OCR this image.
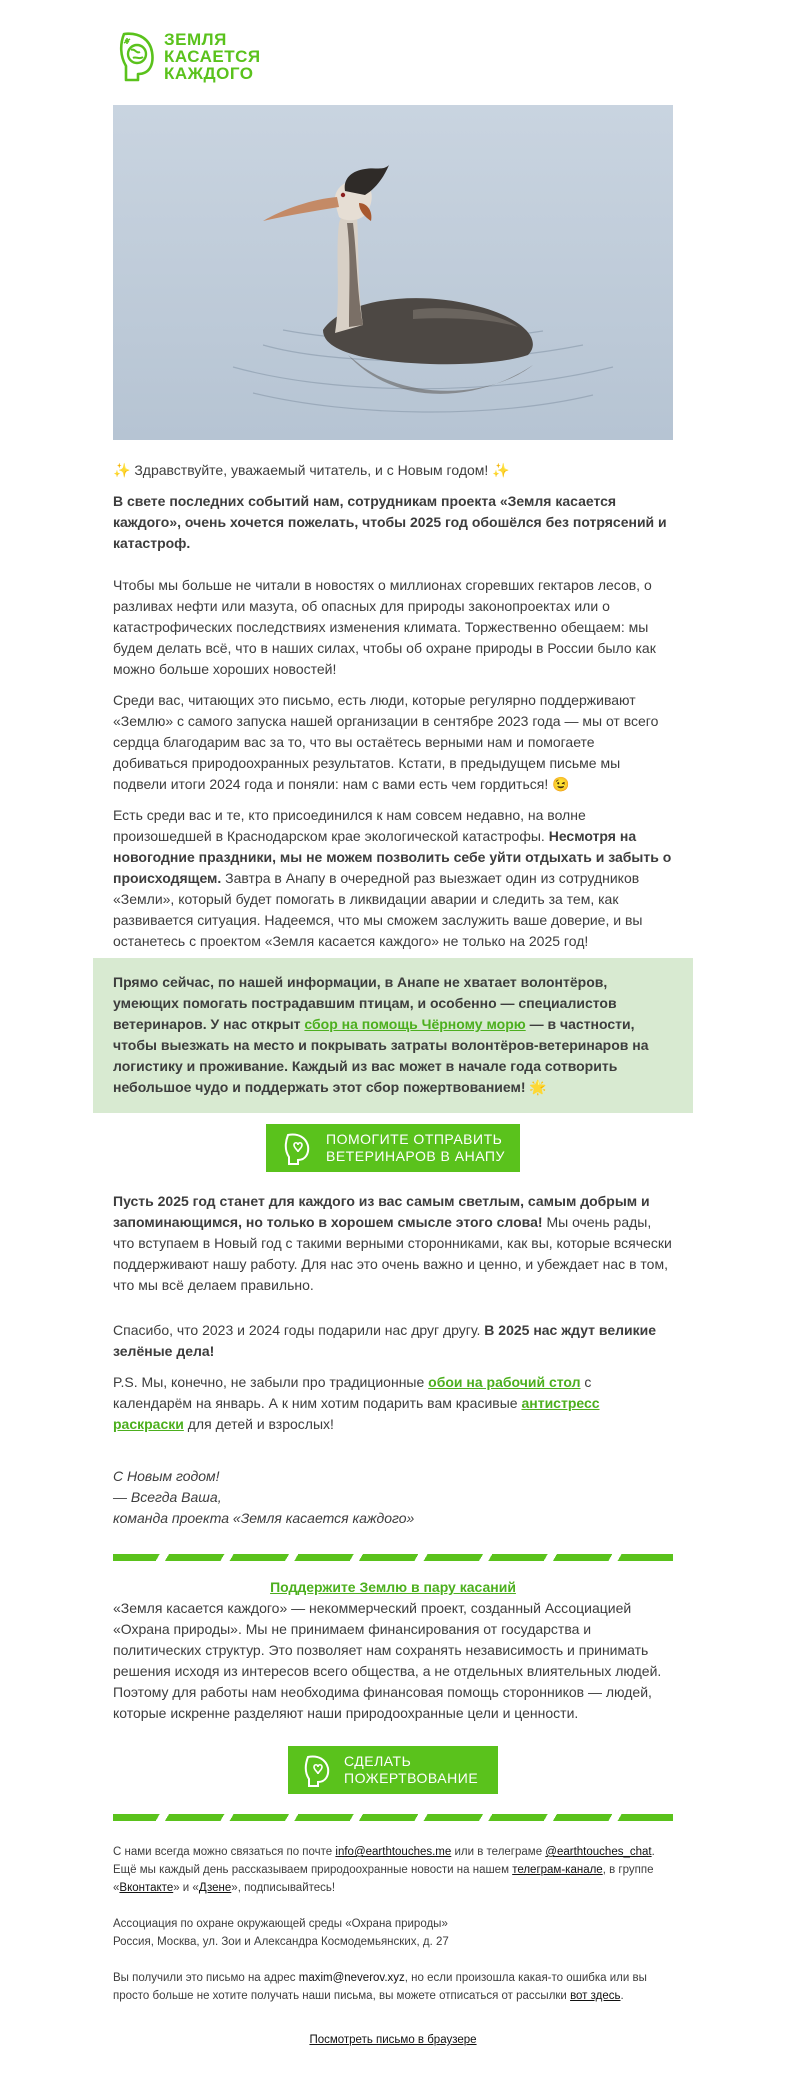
ЗЕМЛЯ
КАСАЕТСЯ
КАЖДОГО

✨ Здравствуйте, уважаемый читатель, и с Новым годом! ✨

В свете последних событий нам, сотрудникам проекта «Земля касается каждого», очень хочется пожелать, чтобы 2025 год обошёлся без потрясений и катастроф.

Чтобы мы больше не читали в новостях о миллионах сгоревших гектаров лесов, о разливах нефти или мазута, об опасных для природы законопроектах или о катастрофических последствиях изменения климата. Торжественно обещаем: мы будем делать всё, что в наших силах, чтобы об охране природы в России было как можно больше хороших новостей!

Среди вас, читающих это письмо, есть люди, которые регулярно поддерживают «Землю» с самого запуска нашей организации в сентябре 2023 года — мы от всего сердца благодарим вас за то, что вы остаётесь верными нам и помогаете добиваться природоохранных результатов. Кстати, в предыдущем письме мы подвели итоги 2024 года и поняли: нам с вами есть чем гордиться! 😉

Есть среди вас и те, кто присоединился к нам совсем недавно, на волне произошедшей в Краснодарском крае экологической катастрофы. Несмотря на новогодние праздники, мы не можем позволить себе уйти отдыхать и забыть о происходящем. Завтра в Анапу в очередной раз выезжает один из сотрудников «Земли», который будет помогать в ликвидации аварии и следить за тем, как развивается ситуация. Надеемся, что мы сможем заслужить ваше доверие, и вы останетесь с проектом «Земля касается каждого» не только на 2025 год!

Прямо сейчас, по нашей информации, в Анапе не хватает волонтёров, умеющих помогать пострадавшим птицам, и особенно — специалистов ветеринаров. У нас открыт сбор на помощь Чёрному морю — в частности, чтобы выезжать на место и покрывать затраты волонтёров-ветеринаров на логистику и проживание. Каждый из вас может в начале года сотворить небольшое чудо и поддержать этот сбор пожертвованием! 🌟

ПОМОГИТЕ ОТПРАВИТЬ
ВЕТЕРИНАРОВ В АНАПУ

Пусть 2025 год станет для каждого из вас самым светлым, самым добрым и запоминающимся, но только в хорошем смысле этого слова! Мы очень рады, что вступаем в Новый год с такими верными сторонниками, как вы, которые всячески поддерживают нашу работу. Для нас это очень важно и ценно, и убеждает нас в том, что мы всё делаем правильно.

Спасибо, что 2023 и 2024 годы подарили нас друг другу. В 2025 нас ждут великие зелёные дела!

P.S. Мы, конечно, не забыли про традиционные обои на рабочий стол с календарём на январь. А к ним хотим подарить вам красивые антистресс раскраски для детей и взрослых!

С Новым годом!
— Всегда Ваша,
команда проекта «Земля касается каждого»
Поддержите Землю в пару касаний

«Земля касается каждого» — некоммерческий проект, созданный Ассоциацией «Охрана природы». Мы не принимаем финансирования от государства и политических структур. Это позволяет нам сохранять независимость и принимать решения исходя из интересов всего общества, а не отдельных влиятельных людей. Поэтому для работы нам необходима финансовая помощь сторонников — людей, которые искренне разделяют наши природоохранные цели и ценности.

СДЕЛАТЬ
ПОЖЕРТВОВАНИЕ

С нами всегда можно связаться по почте info@earthtouches.me или в телеграме @earthtouches_chat. Ещё мы каждый день рассказываем природоохранные новости на нашем телеграм-канале, в группе «Вконтакте» и «Дзене», подписывайтесь!

Ассоциация по охране окружающей среды «Охрана природы»
Россия, Москва, ул. Зои и Александра Космодемьянских, д. 27

Вы получили это письмо на адрес maxim@neverov.xyz, но если произошла какая-то ошибка или вы просто больше не хотите получать наши письма, вы можете отписаться от рассылки вот здесь.

Посмотреть письмо в браузере
